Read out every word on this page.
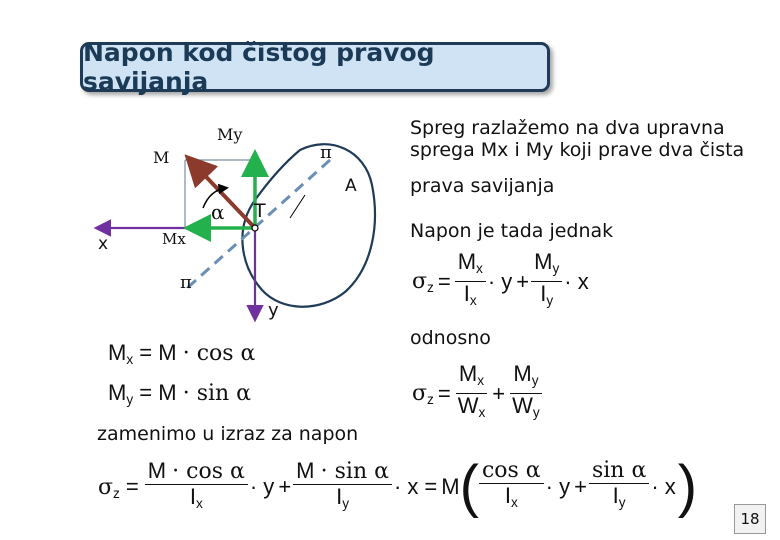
Napon kod čistog pravog savijanja
My
M	π
A
α T
x	Mx
π
y
Spreg razlažemo na dva upravna
sprega Mx i My koji prave dva čista
prava savijanja
Napon je tada jednak
$\sigma_z = \frac{M_x}{I_x} \cdot y + \frac{M_y}{I_y} \cdot x$
odnosno
$\sigma_z = \frac{M_x}{W_x} + \frac{M_y}{W_y}$
$M_x = M \cdot \cos \alpha$
$M_y = M \cdot \sin \alpha$
zamenimo u izraz za napon
$\sigma_z = \frac{\text{M · cos α}}{I_x} \cdot y + \frac{\text{M · sin α}}{I_y} \cdot x = M$ ( $\frac{\text{cos α}}{I_x} \cdot y + \frac{\text{sin α}}{I_y} \cdot x$ )	18
